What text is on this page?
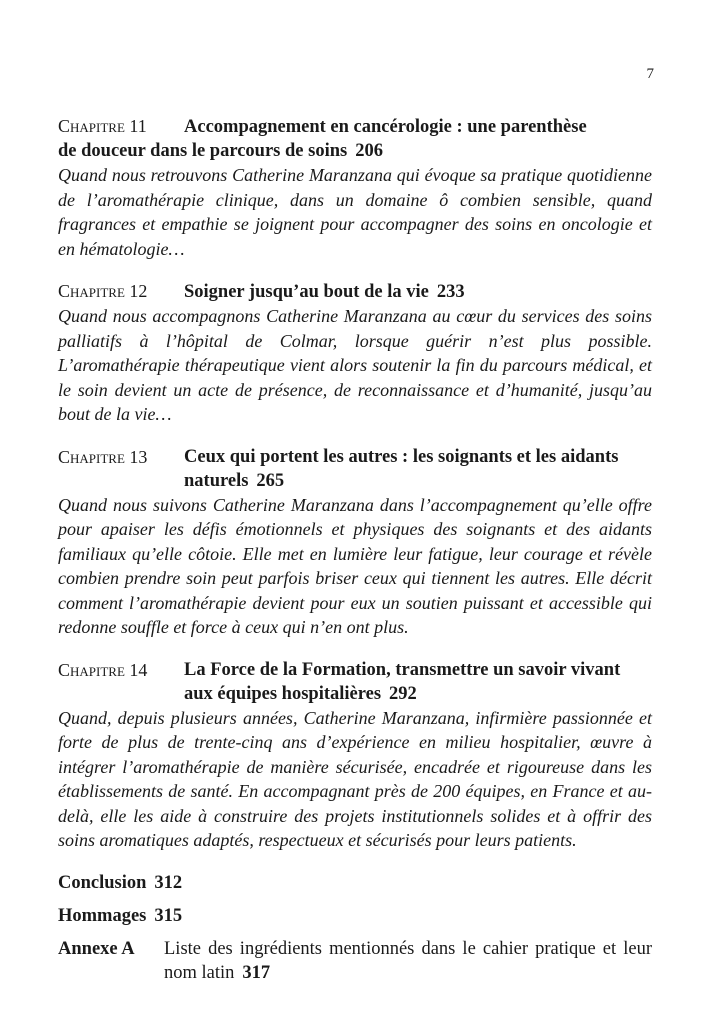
7
Chapitre 11 Accompagnement en cancérologie : une parenthèse
de douceur dans le parcours de soins 206
Quand nous retrouvons Catherine Maranzana qui évoque sa pratique quotidienne de l’aromathérapie clinique, dans un domaine ô combien sensible, quand fragrances et empathie se joignent pour accompagner des soins en oncologie et en hématologie…
Chapitre 12 Soigner jusqu’au bout de la vie 233
Quand nous accompagnons Catherine Maranzana au cœur du services des soins palliatifs à l’hôpital de Colmar, lorsque guérir n’est plus possible. L’aromathérapie thérapeutique vient alors soutenir la fin du parcours médical, et le soin devient un acte de présence, de reconnaissance et d’humanité, jusqu’au bout de la vie…
Chapitre 13 Ceux qui portent les autres : les soignants et les aidants naturels 265
Quand nous suivons Catherine Maranzana dans l’accompagnement qu’elle offre pour apaiser les défis émotionnels et physiques des soignants et des aidants familiaux qu’elle côtoie. Elle met en lumière leur fatigue, leur courage et révèle combien prendre soin peut parfois briser ceux qui tiennent les autres. Elle décrit comment l’aromathérapie devient pour eux un soutien puissant et accessible qui redonne souffle et force à ceux qui n’en ont plus.
Chapitre 14 La Force de la Formation, transmettre un savoir vivant aux équipes hospitalières 292
Quand, depuis plusieurs années, Catherine Maranzana, infirmière passionnée et forte de plus de trente-cinq ans d’expérience en milieu hospitalier, œuvre à intégrer l’aromathérapie de manière sécurisée, encadrée et rigoureuse dans les établissements de santé. En accompagnant près de 200 équipes, en France et au-delà, elle les aide à construire des projets institutionnels solides et à offrir des soins aromatiques adaptés, respectueux et sécurisés pour leurs patients.
Conclusion 312
Hommages 315
Annexe A	Liste des ingrédients mentionnés dans le cahier pratique et leur nom latin 317
